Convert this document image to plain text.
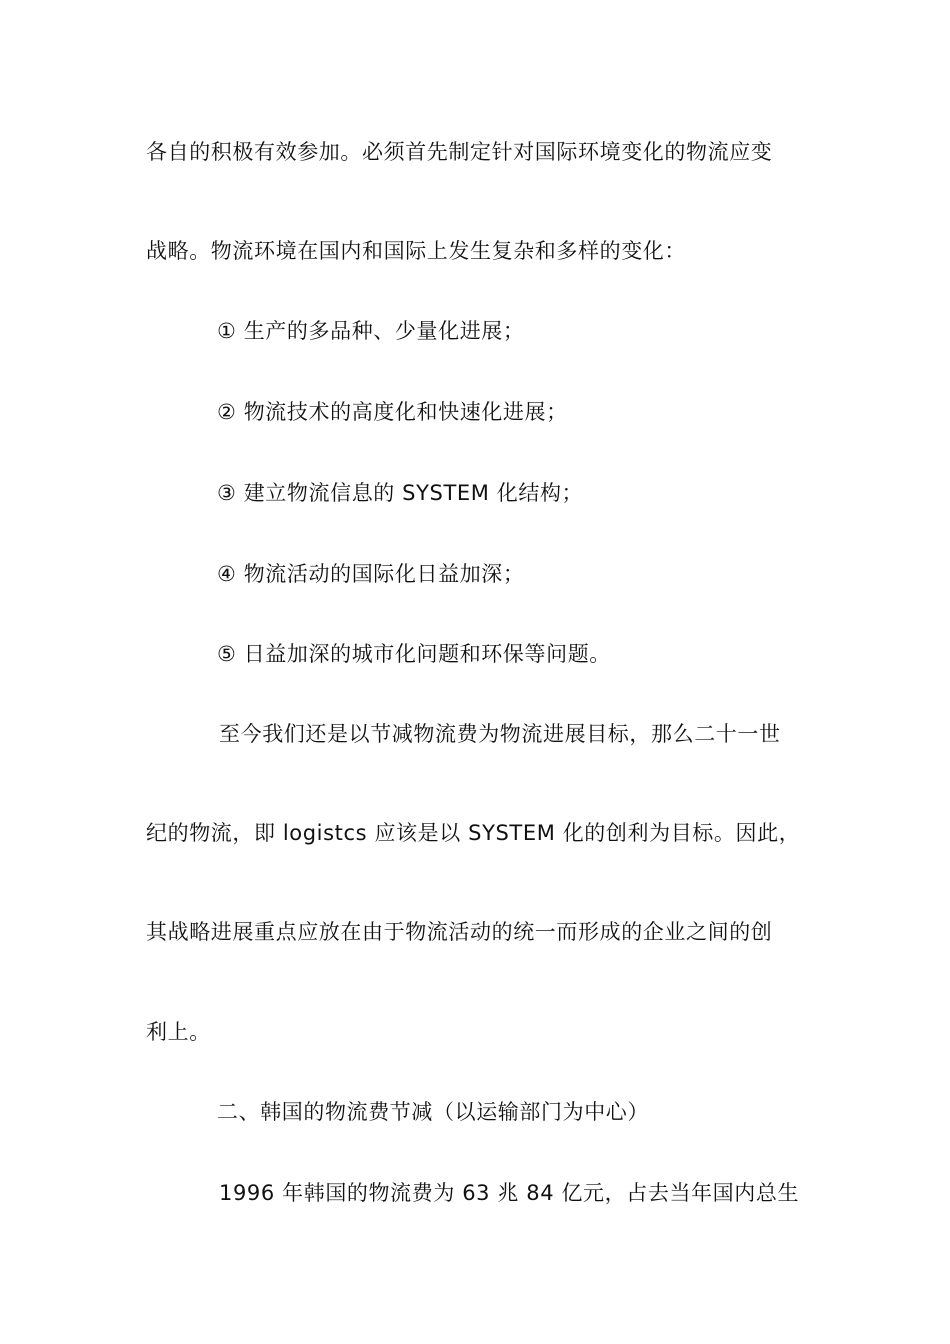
各自的积极有效参加。必须首先制定针对国际环境变化的物流应变
战略。物流环境在国内和国际上发生复杂和多样的变化：
① 生产的多品种、少量化进展；
② 物流技术的高度化和快速化进展；
③ 建立物流信息的 SYSTEM 化结构；
④ 物流活动的国际化日益加深；
⑤ 日益加深的城市化问题和环保等问题。
至今我们还是以节减物流费为物流进展目标，那么二十一世
纪的物流，即 logistcs 应该是以 SYSTEM 化的创利为目标。因此，
其战略进展重点应放在由于物流活动的统一而形成的企业之间的创
利上。
二、韩国的物流费节减（以运输部门为中心）
1996 年韩国的物流费为 63 兆 84 亿元，占去当年国内总生
